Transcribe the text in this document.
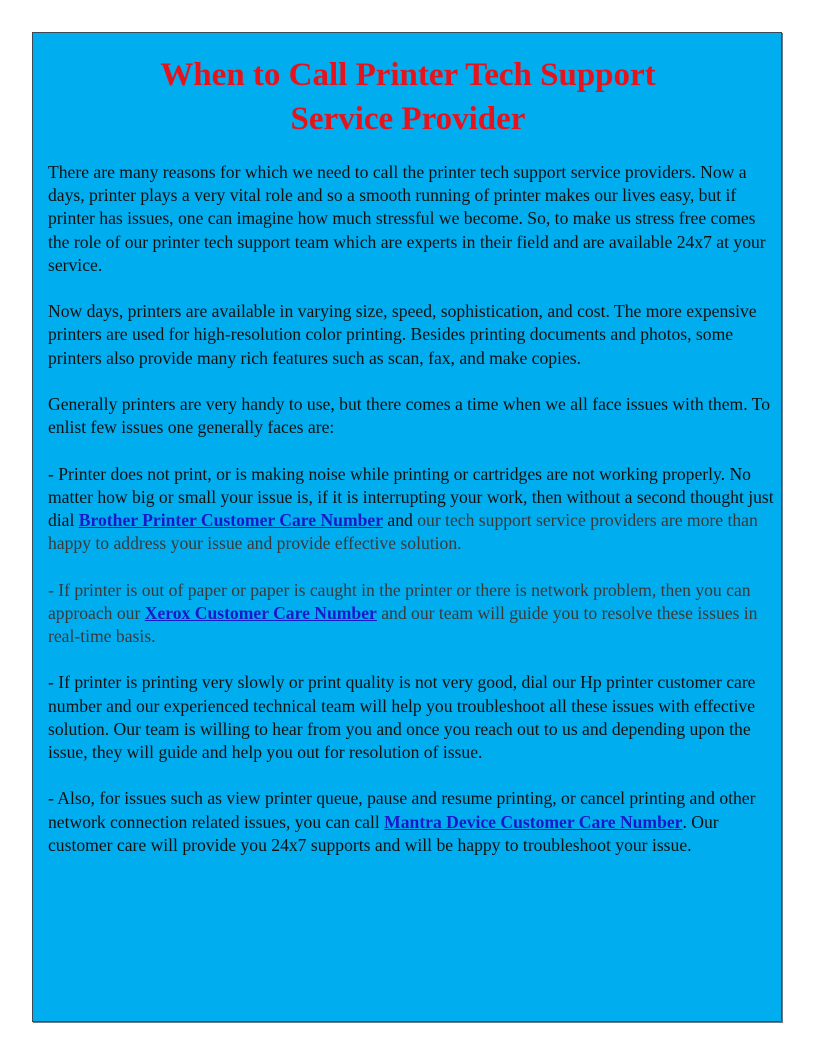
When to Call Printer Tech Support
Service Provider

There are many reasons for which we need to call the printer tech support service providers. Now a days, printer plays a very vital role and so a smooth running of printer makes our lives easy, but if printer has issues, one can imagine how much stressful we become. So, to make us stress free comes the role of our printer tech support team which are experts in their field and are available 24x7 at your service.

Now days, printers are available in varying size, speed, sophistication, and cost. The more expensive printers are used for high-resolution color printing. Besides printing documents and photos, some printers also provide many rich features such as scan, fax, and make copies.

Generally printers are very handy to use, but there comes a time when we all face issues with them. To enlist few issues one generally faces are:

- Printer does not print, or is making noise while printing or cartridges are not working properly. No matter how big or small your issue is, if it is interrupting your work, then without a second thought just dial Brother Printer Customer Care Number and our tech support service providers are more than happy to address your issue and provide effective solution.

- If printer is out of paper or paper is caught in the printer or there is network problem, then you can approach our Xerox Customer Care Number and our team will guide you to resolve these issues in real-time basis.

- If printer is printing very slowly or print quality is not very good, dial our Hp printer customer care number and our experienced technical team will help you troubleshoot all these issues with effective solution. Our team is willing to hear from you and once you reach out to us and depending upon the issue, they will guide and help you out for resolution of issue.

- Also, for issues such as view printer queue, pause and resume printing, or cancel printing and other network connection related issues, you can call Mantra Device Customer Care Number. Our customer care will provide you 24x7 supports and will be happy to troubleshoot your issue.
